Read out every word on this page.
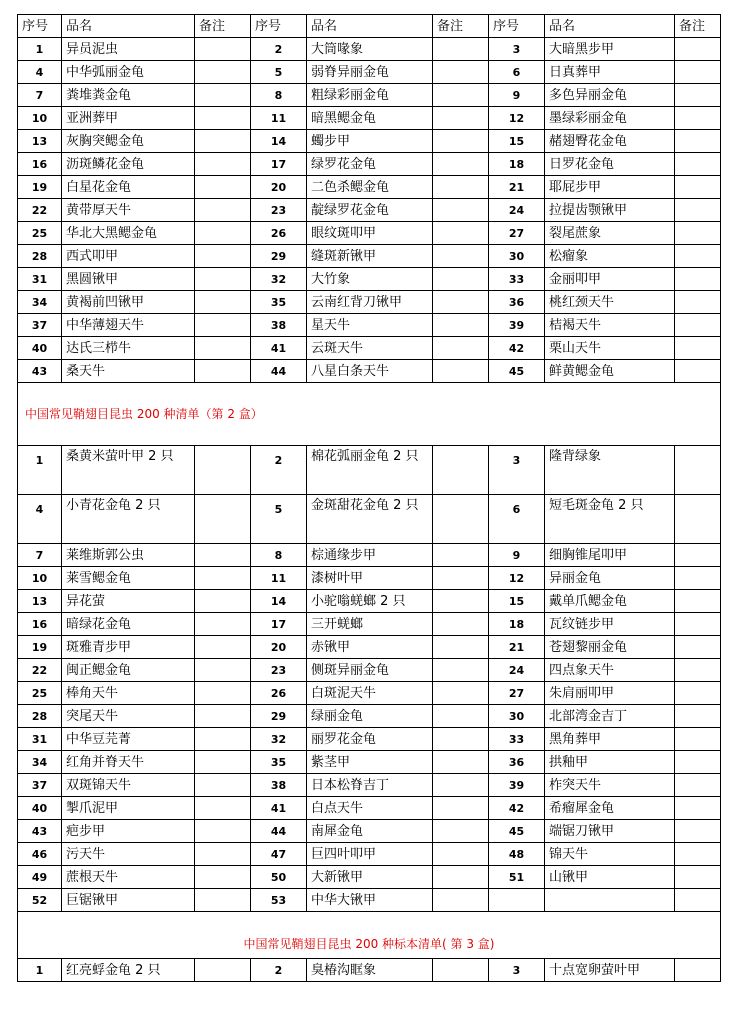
序号	品名	备注	序号	品名	备注	序号	品名	备注
1	异员泥虫		2	大筒喙象		3	大暗黑步甲	
4	中华弧丽金龟		5	弱脊异丽金龟		6	日真葬甲	
7	粪堆粪金龟		8	粗绿彩丽金龟		9	多色异丽金龟	
10	亚洲葬甲		11	暗黑鳃金龟		12	墨绿彩丽金龟	
13	灰胸突鳃金龟		14	蠋步甲		15	赭翅臀花金龟	
16	沥斑鳞花金龟		17	绿罗花金龟		18	日罗花金龟	
19	白星花金龟		20	二色杀鳃金龟		21	耶屁步甲	
22	黄带厚天牛		23	靛绿罗花金龟		24	拉提齿颚锹甲	
25	华北大黑鳃金龟		26	眼纹斑叩甲		27	裂尾蔗象	
28	西式叩甲		29	缝斑新锹甲		30	松瘤象	
31	黑圆锹甲		32	大竹象		33	金丽叩甲	
34	黄褐前凹锹甲		35	云南红背刀锹甲		36	桃红颈天牛	
37	中华薄翅天牛		38	星天牛		39	桔褐天牛	
40	达氏三栉牛		41	云斑天牛		42	栗山天牛	
43	桑天牛		44	八星白条天牛		45	鲜黄鳃金龟	
中国常见鞘翅目昆虫 200 种清单（第 2 盒）								
1	桑黄米萤叶甲 2 只		2	棉花弧丽金龟 2 只		3	隆背绿象	
4	小青花金龟 2 只		5	金斑甜花金龟 2 只		6	短毛斑金龟 2 只	
7	莱维斯郭公虫		8	棕通缘步甲		9	细胸锥尾叩甲	
10	莱雪鳃金龟		11	漆树叶甲		12	异丽金龟	
13	异花萤		14	小驼嗡蜣螂 2 只		15	戴单爪鳃金龟	
16	暗绿花金龟		17	三开蜣螂		18	瓦纹链步甲	
19	斑雅青步甲		20	赤锹甲		21	苍翅黎丽金龟	
22	闽正鳃金龟		23	侧斑异丽金龟		24	四点象天牛	
25	棒角天牛		26	白斑泥天牛		27	朱肩丽叩甲	
28	突尾天牛		29	绿丽金龟		30	北部湾金吉丁	
31	中华豆芫菁		32	丽罗花金龟		33	黑角葬甲	
34	红角并脊天牛		35	紫茎甲		36	拱釉甲	
37	双斑锦天牛		38	日本松脊吉丁		39	柞突天牛	
40	掣爪泥甲		41	白点天牛		42	希瘤犀金龟	
43	疤步甲		44	南犀金龟		45	端锯刀锹甲	
46	污天牛		47	巨四叶叩甲		48	锦天牛	
49	蔗根天牛		50	大新锹甲		51	山锹甲	
52	巨锯锹甲		53	中华大锹甲				
中国常见鞘翅目昆虫 200 种标本清单( 第 3 盒)								
1	红亮蜉金龟 2 只		2	臭椿沟眶象		3	十点宽卵萤叶甲	
